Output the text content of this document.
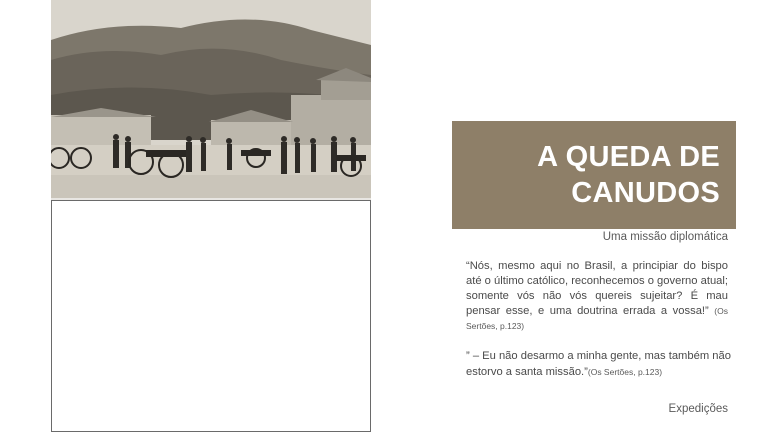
A QUEDA DE
CANUDOS
Uma missão diplomática
“Nós, mesmo aqui no Brasil, a principiar do bispo até o último católico, reconhecemos o governo atual; somente vós não vós quereis sujeitar? É mau pensar esse, e uma doutrina errada a vossa!” (Os Sertões, p.123)
” – Eu não desarmo a minha gente, mas também não estorvo a santa missão.”(Os Sertões, p.123)
Expedições
